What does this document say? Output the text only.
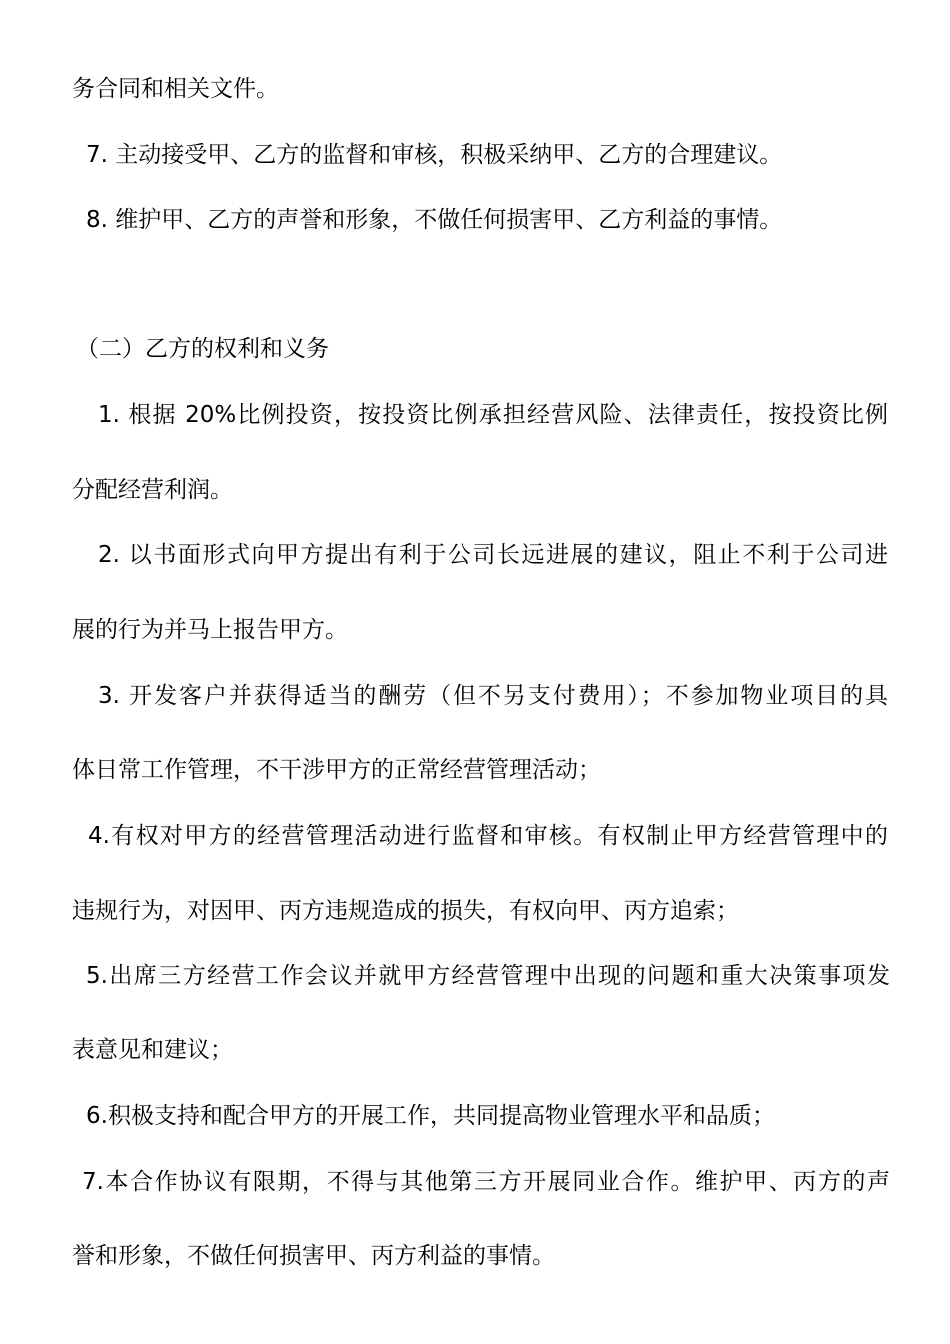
务合同和相关文件。
7. 主动接受甲、乙方的监督和审核，积极采纳甲、乙方的合理建议。
8. 维护甲、乙方的声誉和形象，不做任何损害甲、乙方利益的事情。
（二）乙方的权利和义务
1. 根据 20%比例投资，按投资比例承担经营风险、法律责任，按投资比例
分配经营利润。
2. 以书面形式向甲方提出有利于公司长远进展的建议，阻止不利于公司进
展的行为并马上报告甲方。
3. 开发客户并获得适当的酬劳（但不另支付费用）；不参加物业项目的具
体日常工作管理，不干涉甲方的正常经营管理活动；
4.有权对甲方的经营管理活动进行监督和审核。有权制止甲方经营管理中的
违规行为，对因甲、丙方违规造成的损失，有权向甲、丙方追索；
5.出席三方经营工作会议并就甲方经营管理中出现的问题和重大决策事项发
表意见和建议；
6.积极支持和配合甲方的开展工作，共同提高物业管理水平和品质；
7.本合作协议有限期，不得与其他第三方开展同业合作。维护甲、丙方的声
誉和形象，不做任何损害甲、丙方利益的事情。
